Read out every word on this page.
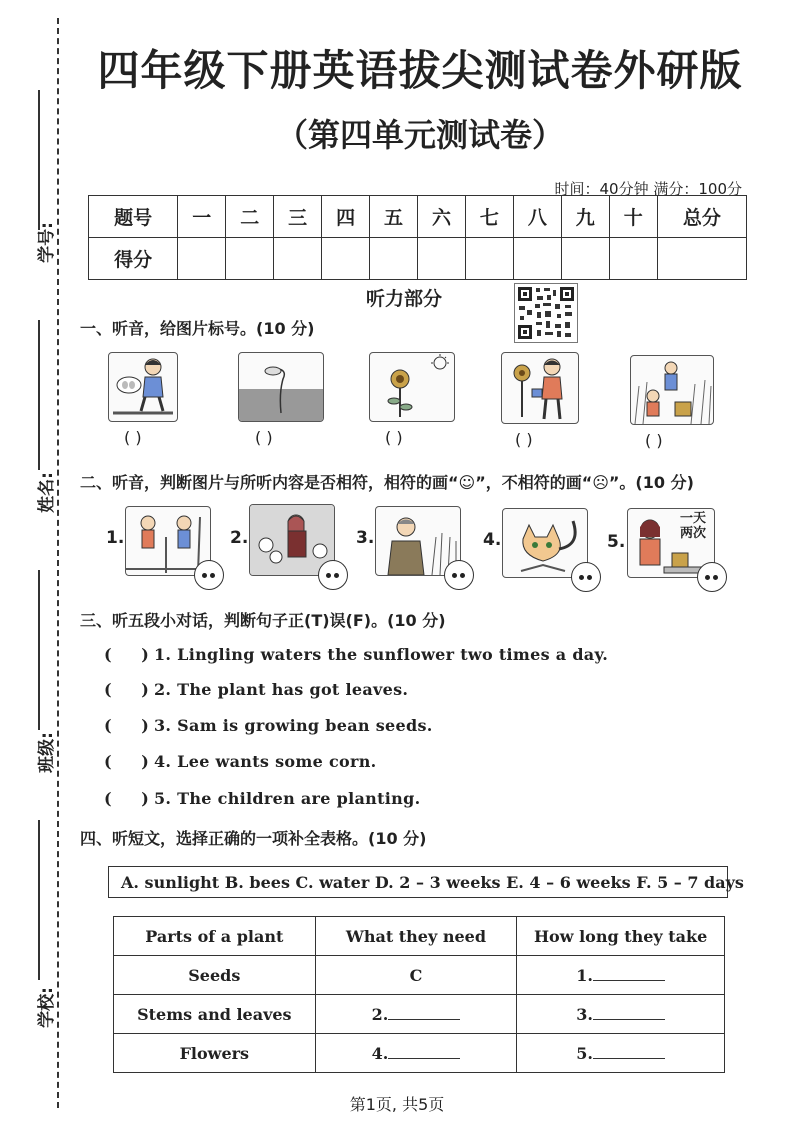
学号:
姓名:
班级:
学校:
四年级下册英语拔尖测试卷外研版
（第四单元测试卷）
时间：40分钟 满分：100分
题号	一	二	三	四	五	六	七	八	九	十	总分
得分											
听力部分
一、听音，给图片标号。(10 分)
( )	( )	( )	( )	( )
二、听音，判断图片与所听内容是否相符，相符的画“☺”，不相符的画“☹”。(10 分)
1.	2.	3.	4.	5.
一天两次
三、听五段小对话，判断句子正(T)误(F)。(10 分)
(     ) 1. Lingling waters the sunflower two times a day.
(     ) 2. The plant has got leaves.
(     ) 3. Sam is growing bean seeds.
(     ) 4. Lee wants some corn.
(     ) 5. The children are planting.
四、听短文，选择正确的一项补全表格。(10 分)
A. sunlight B. bees C. water D. 2 – 3 weeks E. 4 – 6 weeks F. 5 – 7 days
Parts of a plant	What they need	How long they take
Seeds	C	1.
Stems and leaves	2.	3.
Flowers	4.	5.
第1页, 共5页
